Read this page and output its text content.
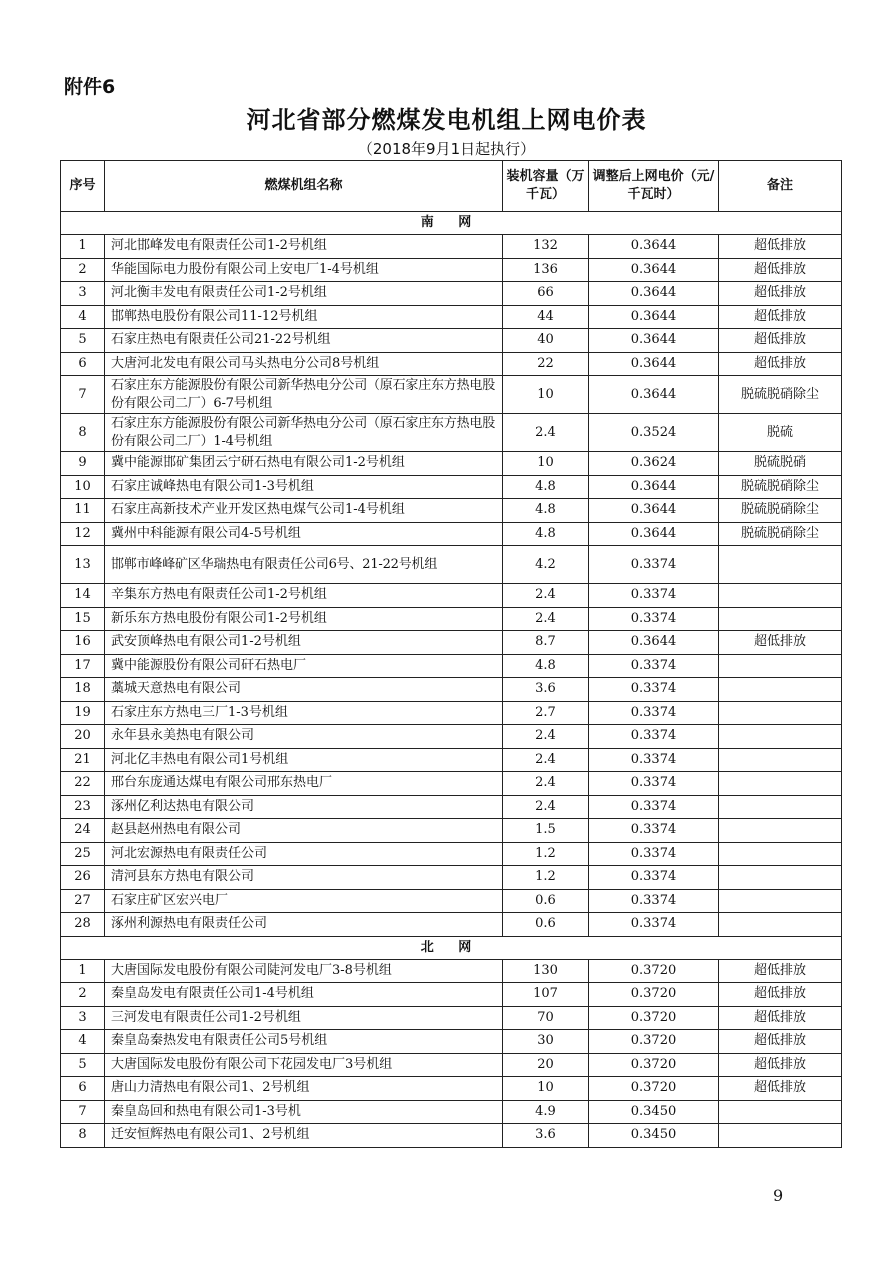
附件6
河北省部分燃煤发电机组上网电价表
（2018年9月1日起执行）
序号	燃煤机组名称	装机容量（万千瓦）	调整后上网电价（元/千瓦时）	备注
南 网				
1	河北邯峰发电有限责任公司1-2号机组	132	0.3644	超低排放
2	华能国际电力股份有限公司上安电厂1-4号机组	136	0.3644	超低排放
3	河北衡丰发电有限责任公司1-2号机组	66	0.3644	超低排放
4	邯郸热电股份有限公司11-12号机组	44	0.3644	超低排放
5	石家庄热电有限责任公司21-22号机组	40	0.3644	超低排放
6	大唐河北发电有限公司马头热电分公司8号机组	22	0.3644	超低排放
7	石家庄东方能源股份有限公司新华热电分公司（原石家庄东方热电股份有限公司二厂）6-7号机组	10	0.3644	脱硫脱硝除尘
8	石家庄东方能源股份有限公司新华热电分公司（原石家庄东方热电股份有限公司二厂）1-4号机组	2.4	0.3524	脱硫
9	冀中能源邯矿集团云宁研石热电有限公司1-2号机组	10	0.3624	脱硫脱硝
10	石家庄诚峰热电有限公司1-3号机组	4.8	0.3644	脱硫脱硝除尘
11	石家庄高新技术产业开发区热电煤气公司1-4号机组	4.8	0.3644	脱硫脱硝除尘
12	冀州中科能源有限公司4-5号机组	4.8	0.3644	脱硫脱硝除尘
13	邯郸市峰峰矿区华瑞热电有限责任公司6号、21-22号机组	4.2	0.3374	
14	辛集东方热电有限责任公司1-2号机组	2.4	0.3374	
15	新乐东方热电股份有限公司1-2号机组	2.4	0.3374	
16	武安顶峰热电有限公司1-2号机组	8.7	0.3644	超低排放
17	冀中能源股份有限公司矸石热电厂	4.8	0.3374	
18	藁城天意热电有限公司	3.6	0.3374	
19	石家庄东方热电三厂1-3号机组	2.7	0.3374	
20	永年县永美热电有限公司	2.4	0.3374	
21	河北亿丰热电有限公司1号机组	2.4	0.3374	
22	邢台东庞通达煤电有限公司邢东热电厂	2.4	0.3374	
23	涿州亿利达热电有限公司	2.4	0.3374	
24	赵县赵州热电有限公司	1.5	0.3374	
25	河北宏源热电有限责任公司	1.2	0.3374	
26	清河县东方热电有限公司	1.2	0.3374	
27	石家庄矿区宏兴电厂	0.6	0.3374	
28	涿州利源热电有限责任公司	0.6	0.3374	
北 网				
1	大唐国际发电股份有限公司陡河发电厂3-8号机组	130	0.3720	超低排放
2	秦皇岛发电有限责任公司1-4号机组	107	0.3720	超低排放
3	三河发电有限责任公司1-2号机组	70	0.3720	超低排放
4	秦皇岛秦热发电有限责任公司5号机组	30	0.3720	超低排放
5	大唐国际发电股份有限公司下花园发电厂3号机组	20	0.3720	超低排放
6	唐山力清热电有限公司1、2号机组	10	0.3720	超低排放
7	秦皇岛回和热电有限公司1-3号机	4.9	0.3450	
8	迁安恒辉热电有限公司1、2号机组	3.6	0.3450	
9
